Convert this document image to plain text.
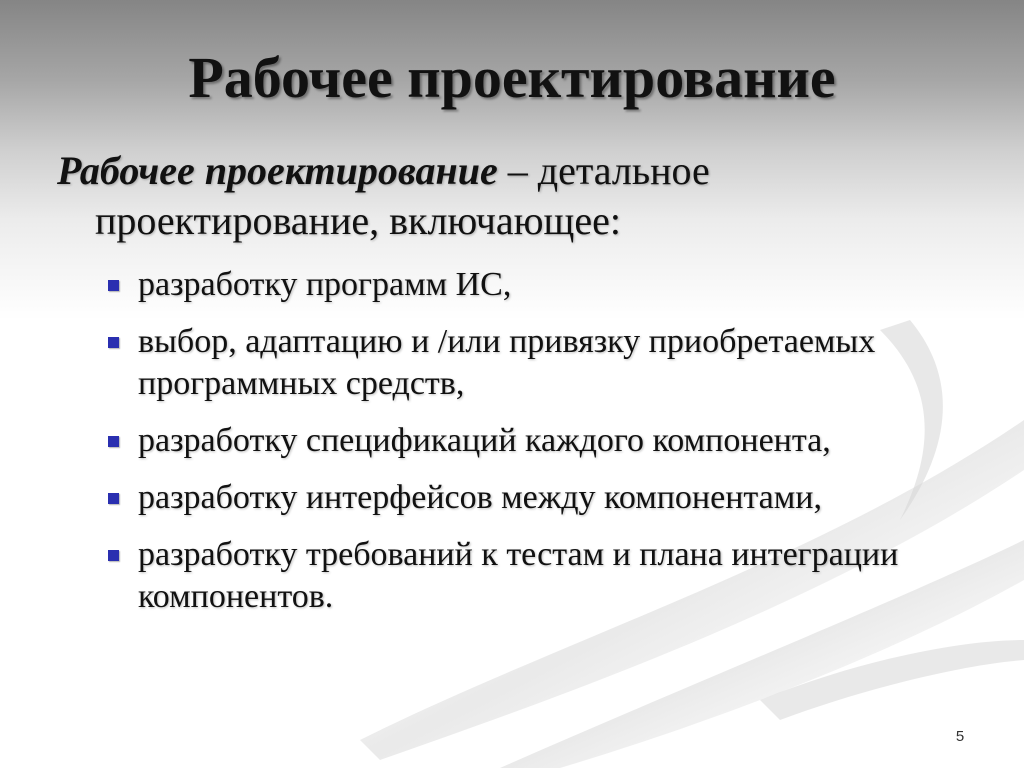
Рабочее проектирование
Рабочее проектирование – детальное
проектирование, включающее:
разработку программ ИС,
выбор, адаптацию и /или привязку приобретаемых программных средств,
разработку спецификаций каждого компонента,
разработку интерфейсов между компонентами,
разработку требований к тестам и плана интеграции компонентов.
5
